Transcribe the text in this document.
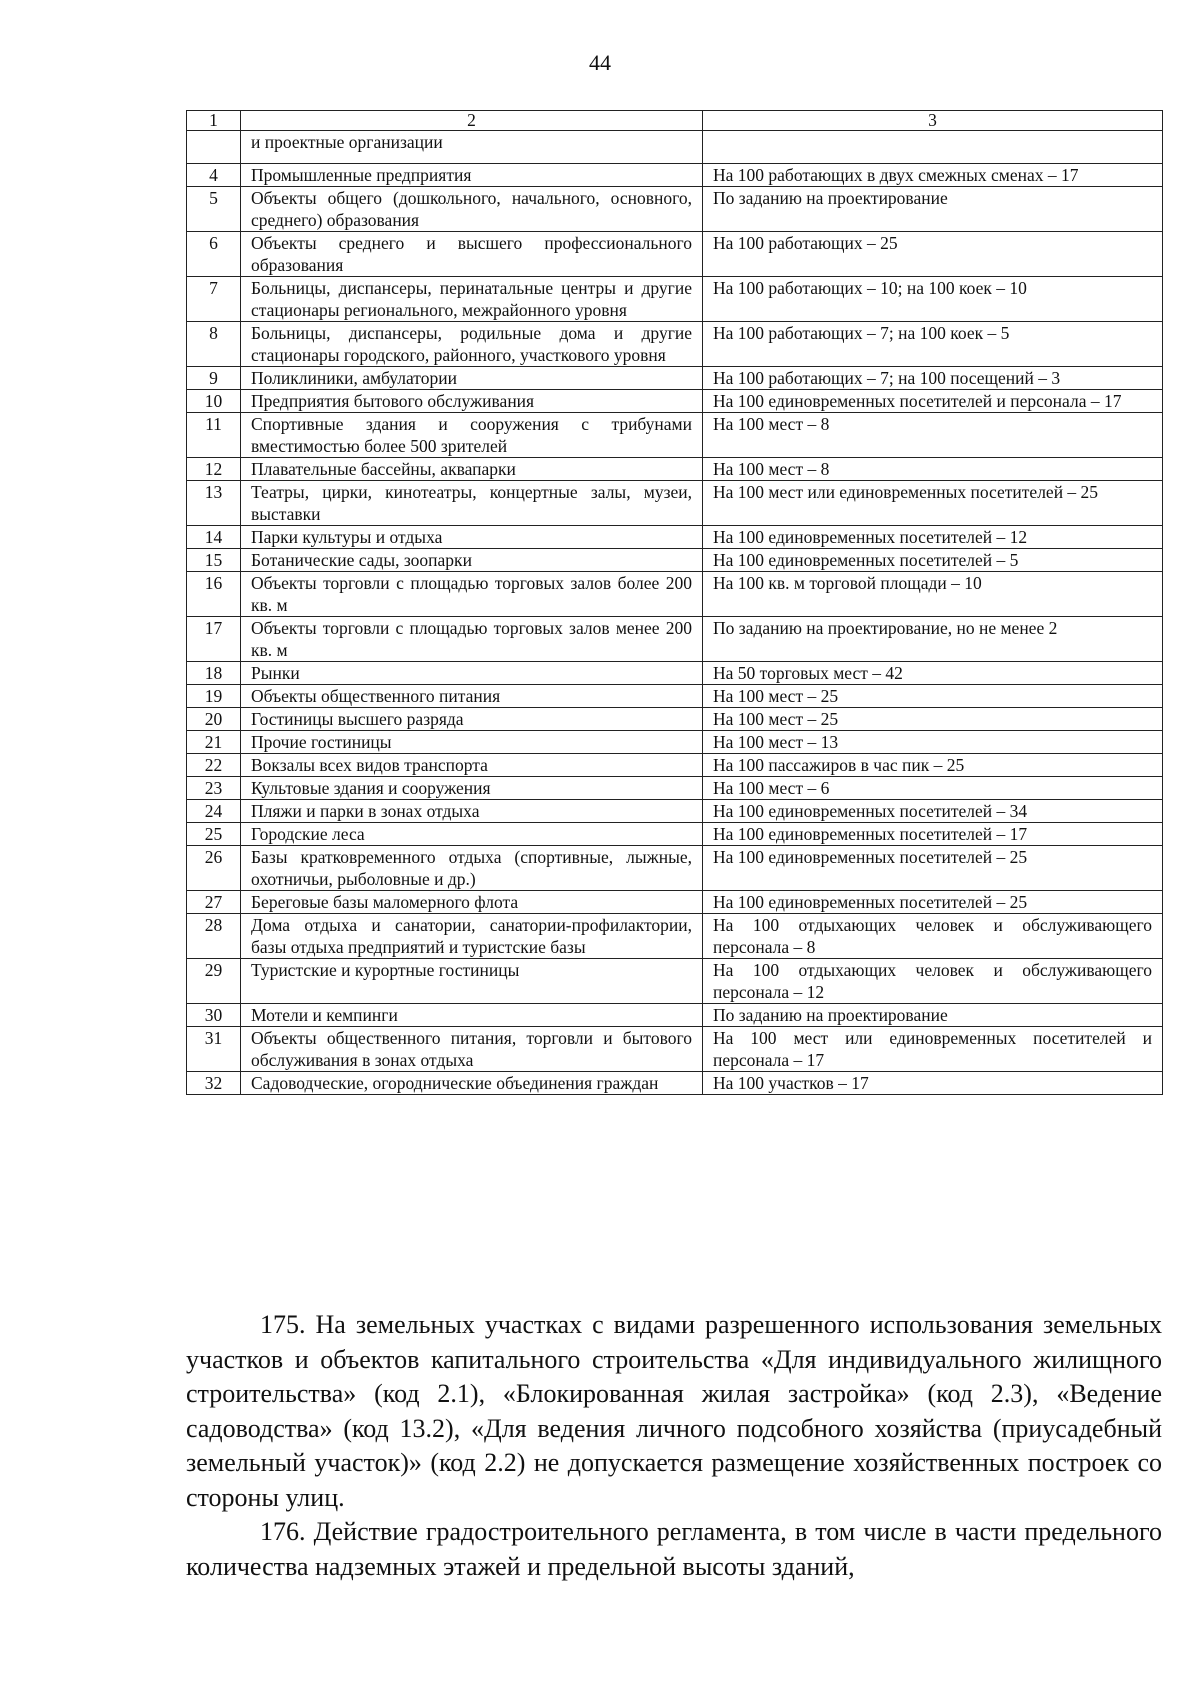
44
1	2	3
	и проектные организации	
4	Промышленные предприятия	На 100 работающих в двух смежных сменах – 17
5	Объекты общего (дошкольного, начального, основного, среднего) образования	По заданию на проектирование
6	Объекты среднего и высшего профессионального образования	На 100 работающих – 25
7	Больницы, диспансеры, перинатальные центры и другие стационары регионального, межрайонного уровня	На 100 работающих – 10; на 100 коек – 10
8	Больницы, диспансеры, родильные дома и другие стационары городского, районного, участкового уровня	На 100 работающих – 7; на 100 коек – 5
9	Поликлиники, амбулатории	На 100 работающих – 7; на 100 посещений – 3
10	Предприятия бытового обслуживания	На 100 единовременных посетителей и персонала – 17
11	Спортивные здания и сооружения с трибунами вместимостью более 500 зрителей	На 100 мест – 8
12	Плавательные бассейны, аквапарки	На 100 мест – 8
13	Театры, цирки, кинотеатры, концертные залы, музеи, выставки	На 100 мест или единовременных посетителей – 25
14	Парки культуры и отдыха	На 100 единовременных посетителей – 12
15	Ботанические сады, зоопарки	На 100 единовременных посетителей – 5
16	Объекты торговли с площадью торговых залов более 200 кв. м	На 100 кв. м торговой площади – 10
17	Объекты торговли с площадью торговых залов менее 200 кв. м	По заданию на проектирование, но не менее 2
18	Рынки	На 50 торговых мест – 42
19	Объекты общественного питания	На 100 мест – 25
20	Гостиницы высшего разряда	На 100 мест – 25
21	Прочие гостиницы	На 100 мест – 13
22	Вокзалы всех видов транспорта	На 100 пассажиров в час пик – 25
23	Культовые здания и сооружения	На 100 мест – 6
24	Пляжи и парки в зонах отдыха	На 100 единовременных посетителей – 34
25	Городские леса	На 100 единовременных посетителей – 17
26	Базы кратковременного отдыха (спортивные, лыжные, охотничьи, рыболовные и др.)	На 100 единовременных посетителей – 25
27	Береговые базы маломерного флота	На 100 единовременных посетителей – 25
28	Дома отдыха и санатории, санатории-профилактории, базы отдыха предприятий и туристские базы	На 100 отдыхающих человек и обслуживающего персонала – 8
29	Туристские и курортные гостиницы	На 100 отдыхающих человек и обслуживающего персонала – 12
30	Мотели и кемпинги	По заданию на проектирование
31	Объекты общественного питания, торговли и бытового обслуживания в зонах отдыха	На 100 мест или единовременных посетителей и персонала – 17
32	Садоводческие, огороднические объединения граждан	На 100 участков – 17

175. На земельных участках с видами разрешенного использования земельных участков и объектов капитального строительства «Для индивидуального жилищного строительства» (код 2.1), «Блокированная жилая застройка» (код 2.3), «Ведение садоводства» (код 13.2), «Для ведения личного подсобного хозяйства (приусадебный земельный участок)» (код 2.2) не допускается размещение хозяйственных построек со стороны улиц.

176. Действие градостроительного регламента, в том числе в части предельного количества надземных этажей и предельной высоты зданий,
